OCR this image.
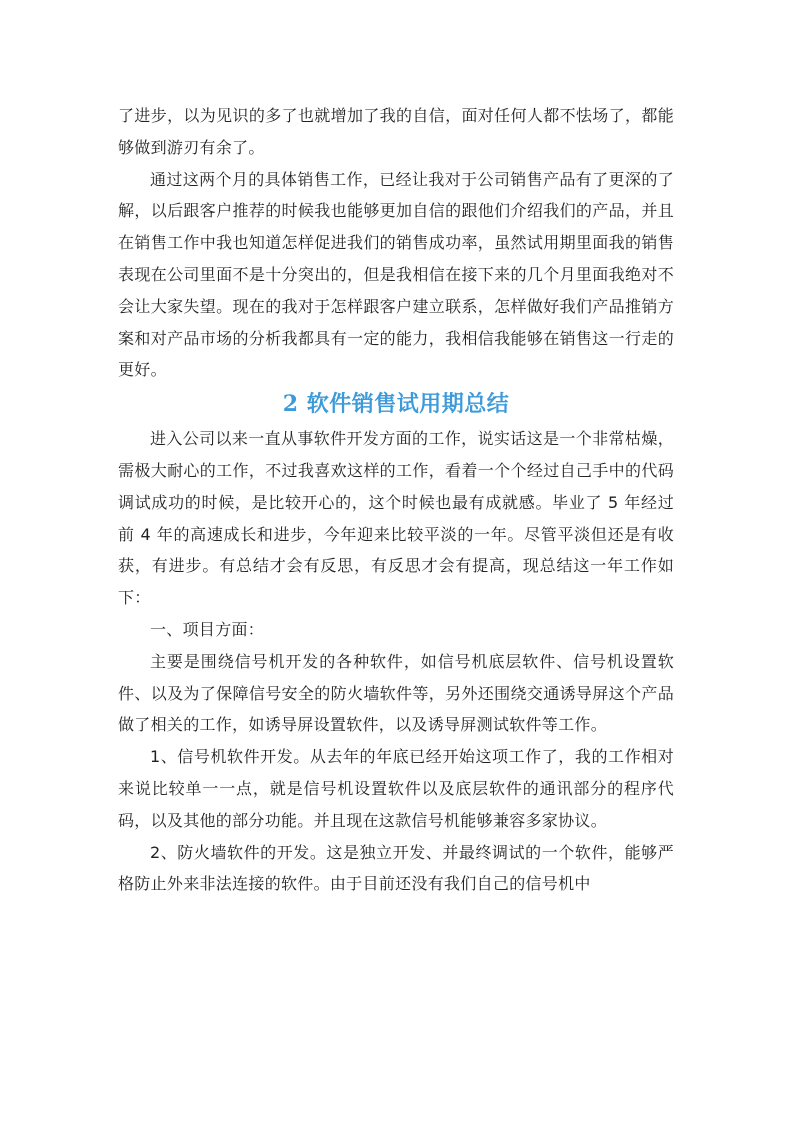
了进步，以为见识的多了也就增加了我的自信，面对任何人都不怯场了，都能够做到游刃有余了。

通过这两个月的具体销售工作，已经让我对于公司销售产品有了更深的了解，以后跟客户推荐的时候我也能够更加自信的跟他们介绍我们的产品，并且在销售工作中我也知道怎样促进我们的销售成功率，虽然试用期里面我的销售表现在公司里面不是十分突出的，但是我相信在接下来的几个月里面我绝对不会让大家失望。现在的我对于怎样跟客户建立联系，怎样做好我们产品推销方案和对产品市场的分析我都具有一定的能力，我相信我能够在销售这一行走的更好。

2 软件销售试用期总结

进入公司以来一直从事软件开发方面的工作，说实话这是一个非常枯燥，需极大耐心的工作，不过我喜欢这样的工作，看着一个个经过自己手中的代码调试成功的时候，是比较开心的，这个时候也最有成就感。毕业了 5 年经过前 4 年的高速成长和进步，今年迎来比较平淡的一年。尽管平淡但还是有收获，有进步。有总结才会有反思，有反思才会有提高，现总结这一年工作如下：

一、项目方面：

主要是围绕信号机开发的各种软件，如信号机底层软件、信号机设置软件、以及为了保障信号安全的防火墙软件等，另外还围绕交通诱导屏这个产品做了相关的工作，如诱导屏设置软件，以及诱导屏测试软件等工作。

1、信号机软件开发。从去年的年底已经开始这项工作了，我的工作相对来说比较单一一点，就是信号机设置软件以及底层软件的通讯部分的程序代码，以及其他的部分功能。并且现在这款信号机能够兼容多家协议。

2、防火墙软件的开发。这是独立开发、并最终调试的一个软件，能够严格防止外来非法连接的软件。由于目前还没有我们自己的信号机中
